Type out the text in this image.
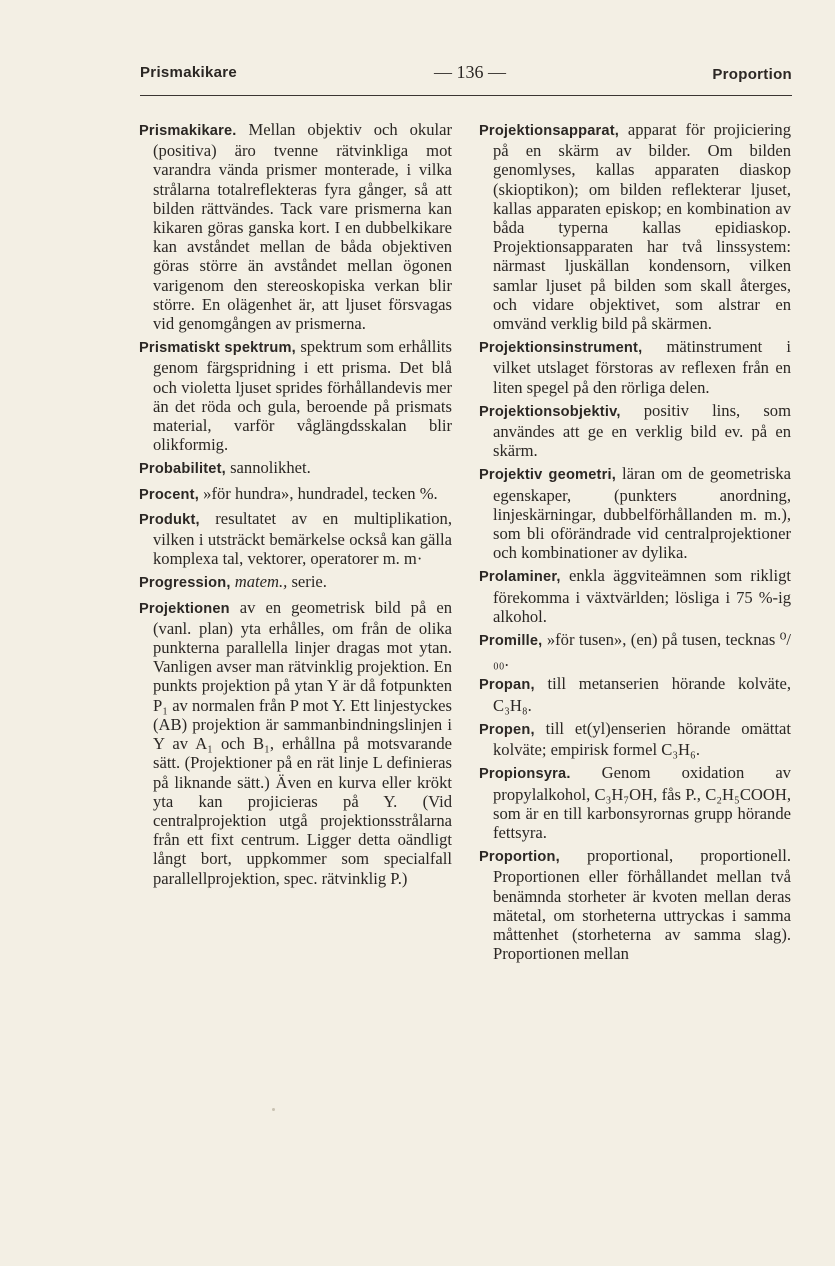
Prismakikare	— 136 —	Proportion

Prismakikare. Mellan objektiv och okular (positiva) äro tvenne rätvinkliga mot varandra vända prismer monterade, i vilka strålarna totalreflekteras fyra gånger, så att bilden rättvändes. Tack vare prismerna kan kikaren göras ganska kort. I en dubbelkikare kan avståndet mellan de båda objektiven göras större än avståndet mellan ögonen varigenom den stereoskopiska verkan blir större. En olägenhet är, att ljuset försvagas vid genomgången av prismerna.

Prismatiskt spektrum, spektrum som erhållits genom färgspridning i ett prisma. Det blå och violetta ljuset sprides förhållandevis mer än det röda och gula, beroende på prismats material, varför våglängdsskalan blir olikformig.

Probabilitet, sannolikhet.

Procent, »för hundra», hundradel, tecken %.

Produkt, resultatet av en multiplikation, vilken i utsträckt bemärkelse också kan gälla komplexa tal, vektorer, operatorer m. m·

Progression, matem., serie.

Projektionen av en geometrisk bild på en (vanl. plan) yta erhålles, om från de olika punkterna parallella linjer dragas mot ytan. Vanligen avser man rätvinklig projektion. En punkts projektion på ytan Y är då fotpunkten P₁ av normalen från P mot Y. Ett linjestyckes (AB) projektion är sammanbindningslinjen i Y av A₁ och B₁, erhållna på motsvarande sätt. (Projektioner på en rät linje L definieras på liknande sätt.) Även en kurva eller krökt yta kan projicieras på Y. (Vid centralprojektion utgå projektionsstrålarna från ett fixt centrum. Ligger detta oändligt långt bort, uppkommer som specialfall parallellprojektion, spec. rätvinklig P.)

Projektionsapparat, apparat för projiciering på en skärm av bilder. Om bilden genomlyses, kallas apparaten diaskop (skioptikon); om bilden reflekterar ljuset, kallas apparaten episkop; en kombination av båda typerna kallas epidiaskop. Projektionsapparaten har två linssystem: närmast ljuskällan kondensorn, vilken samlar ljuset på bilden som skall återges, och vidare objektivet, som alstrar en omvänd verklig bild på skärmen.

Projektionsinstrument, mätinstrument i vilket utslaget förstoras av reflexen från en liten spegel på den rörliga delen.

Projektionsobjektiv, positiv lins, som användes att ge en verklig bild ev. på en skärm.

Projektiv geometri, läran om de geometriska egenskaper, (punkters anordning, linjeskärningar, dubbelförhållanden m. m.), som bli oförändrade vid centralprojektioner och kombinationer av dylika.

Prolaminer, enkla äggviteämnen som rikligt förekomma i växtvärlden; lösliga i 75 %-ig alkohol.

Promille, »för tusen», (en) på tusen, tecknas ⁰/₀₀.

Propan, till metanserien hörande kolväte, C₃H₈.

Propen, till et(yl)enserien hörande omättat kolväte; empirisk formel C₃H₆.

Propionsyra. Genom oxidation av propylalkohol, C₃H₇OH, fås P., C₂H₅COOH, som är en till karbonsyrornas grupp hörande fettsyra.

Proportion, proportional, proportionell. Proportionen eller förhållandet mellan två benämnda storheter är kvoten mellan deras mätetal, om storheterna uttryckas i samma måttenhet (storheterna av samma slag). Proportionen mellan
